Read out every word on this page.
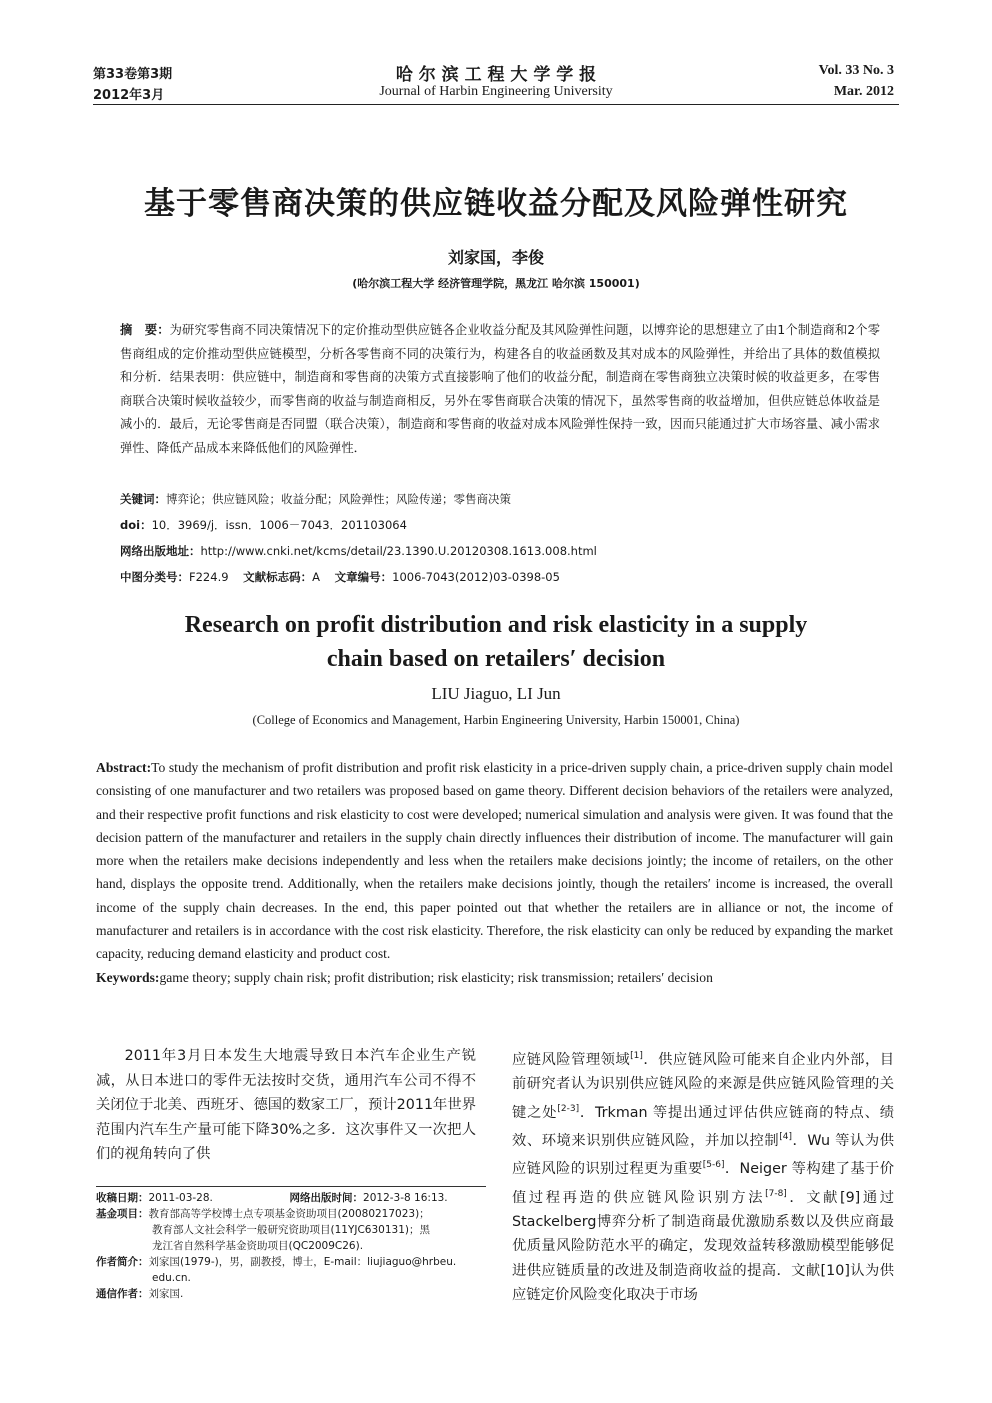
第33卷第3期
2012年3月
哈 尔 滨 工 程 大 学 学 报
Journal of Harbin Engineering University
Vol. 33 No. 3
Mar. 2012
基于零售商决策的供应链收益分配及风险弹性研究
刘家国，李俊
(哈尔滨工程大学 经济管理学院，黑龙江 哈尔滨 150001)
摘　要：为研究零售商不同决策情况下的定价推动型供应链各企业收益分配及其风险弹性问题，以博弈论的思想建立了由1个制造商和2个零售商组成的定价推动型供应链模型，分析各零售商不同的决策行为，构建各自的收益函数及其对成本的风险弹性，并给出了具体的数值模拟和分析．结果表明：供应链中，制造商和零售商的决策方式直接影响了他们的收益分配，制造商在零售商独立决策时候的收益更多，在零售商联合决策时候收益较少，而零售商的收益与制造商相反，另外在零售商联合决策的情况下，虽然零售商的收益增加，但供应链总体收益是减小的．最后，无论零售商是否同盟（联合决策），制造商和零售商的收益对成本风险弹性保持一致，因而只能通过扩大市场容量、减小需求弹性、降低产品成本来降低他们的风险弹性．
关键词：博弈论；供应链风险；收益分配；风险弹性；风险传递；零售商决策
doi：10．3969/j．issn．1006－7043．201103064
网络出版地址：http://www.cnki.net/kcms/detail/23.1390.U.20120308.1613.008.html
中图分类号：F224.9 文献标志码：A 文章编号：1006-7043(2012)03-0398-05
Research on profit distribution and risk elasticity in a supply
chain based on retailers′ decision
LIU Jiaguo, LI Jun
(College of Economics and Management, Harbin Engineering University, Harbin 150001, China)
Abstract:To study the mechanism of profit distribution and profit risk elasticity in a price-driven supply chain, a price-driven supply chain model consisting of one manufacturer and two retailers was proposed based on game theory. Different decision behaviors of the retailers were analyzed, and their respective profit functions and risk elasticity to cost were developed; numerical simulation and analysis were given. It was found that the decision pattern of the manufacturer and retailers in the supply chain directly influences their distribution of income. The manufacturer will gain more when the retailers make decisions independently and less when the retailers make decisions jointly; the income of retailers, on the other hand, displays the opposite trend. Additionally, when the retailers make decisions jointly, though the retailers′ income is increased, the overall income of the supply chain decreases. In the end, this paper pointed out that whether the retailers are in alliance or not, the income of manufacturer and retailers is in accordance with the cost risk elasticity. Therefore, the risk elasticity can only be reduced by expanding the market capacity, reducing demand elasticity and product cost.
Keywords:game theory; supply chain risk; profit distribution; risk elasticity; risk transmission; retailers′ decision
2011年3月日本发生大地震导致日本汽车企业生产锐减，从日本进口的零件无法按时交货，通用汽车公司不得不关闭位于北美、西班牙、德国的数家工厂，预计2011年世界范围内汽车生产量可能下降30%之多．这次事件又一次把人们的视角转向了供
应链风险管理领域[1]．供应链风险可能来自企业内外部，目前研究者认为识别供应链风险的来源是供应链风险管理的关键之处[2-3]．Trkman 等提出通过评估供应链商的特点、绩效、环境来识别供应链风险，并加以控制[4]．Wu 等认为供应链风险的识别过程更为重要[5-6]．Neiger 等构建了基于价值过程再造的供应链风险识别方法[7-8]．文献[9]通过Stackelberg博弈分析了制造商最优激励系数以及供应商最优质量风险防范水平的确定，发现效益转移激励模型能够促进供应链质量的改进及制造商收益的提高．文献[10]认为供应链定价风险变化取决于市场
收稿日期：2011-03-28.	网络出版时间：2012-3-8 16:13.
基金项目：教育部高等学校博士点专项基金资助项目(20080217023)；
教育部人文社会科学一般研究资助项目(11YJC630131)；黑
龙江省自然科学基金资助项目(QC2009C26).
作者简介：刘家国(1979-)，男，副教授，博士，E-mail：liujiaguo@hrbeu.
edu.cn.
通信作者：刘家国.
